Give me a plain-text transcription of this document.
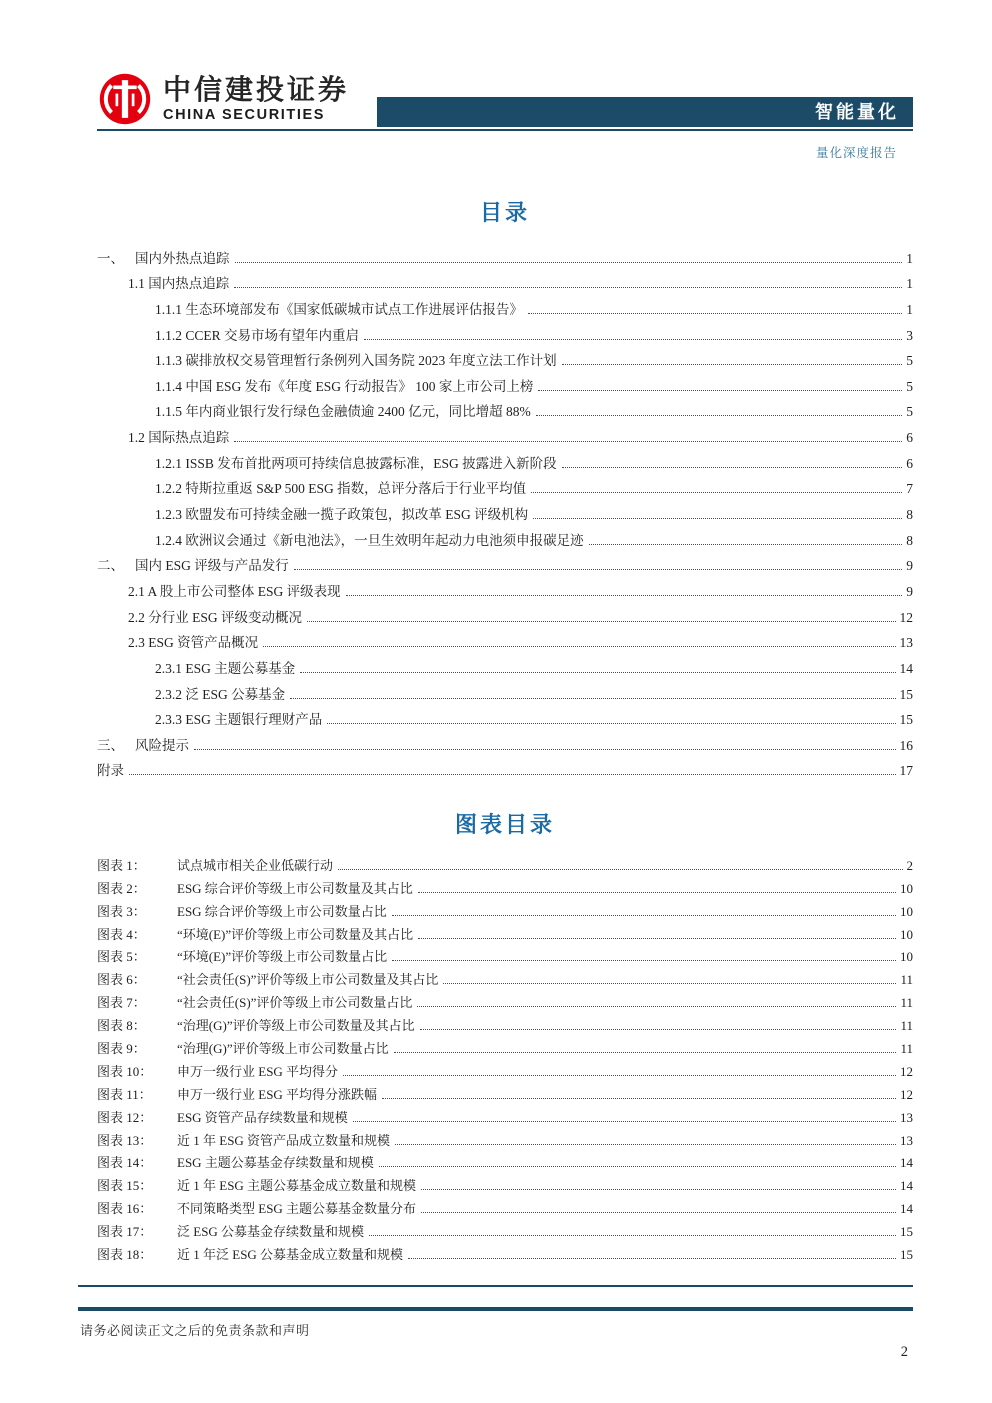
中信建投证券
CHINA SECURITIES	智能量化
量化深度报告
目录
一、 国内外热点追踪	1
1.1 国内热点追踪	1
1.1.1 生态环境部发布《国家低碳城市试点工作进展评估报告》	1
1.1.2 CCER 交易市场有望年内重启	3
1.1.3 碳排放权交易管理暂行条例列入国务院 2023 年度立法工作计划	5
1.1.4 中国 ESG 发布《年度 ESG 行动报告》 100 家上市公司上榜	5
1.1.5 年内商业银行发行绿色金融债逾 2400 亿元，同比增超 88%	5
1.2 国际热点追踪	6
1.2.1 ISSB 发布首批两项可持续信息披露标准，ESG 披露进入新阶段	6
1.2.2 特斯拉重返 S&P 500 ESG 指数，总评分落后于行业平均值	7
1.2.3 欧盟发布可持续金融一揽子政策包，拟改革 ESG 评级机构	8
1.2.4 欧洲议会通过《新电池法》，一旦生效明年起动力电池须申报碳足迹	8
二、 国内 ESG 评级与产品发行	9
2.1 A 股上市公司整体 ESG 评级表现	9
2.2 分行业 ESG 评级变动概况	12
2.3 ESG 资管产品概况	13
2.3.1 ESG 主题公募基金	14
2.3.2 泛 ESG 公募基金	15
2.3.3 ESG 主题银行理财产品	15
三、 风险提示	16
附录	17
图表目录
图表 1：	试点城市相关企业低碳行动	2
图表 2：	ESG 综合评价等级上市公司数量及其占比	10
图表 3：	ESG 综合评价等级上市公司数量占比	10
图表 4：	“环境(E)”评价等级上市公司数量及其占比	10
图表 5：	“环境(E)”评价等级上市公司数量占比	10
图表 6：	“社会责任(S)”评价等级上市公司数量及其占比	11
图表 7：	“社会责任(S)”评价等级上市公司数量占比	11
图表 8：	“治理(G)”评价等级上市公司数量及其占比	11
图表 9：	“治理(G)”评价等级上市公司数量占比	11
图表 10：	申万一级行业 ESG 平均得分	12
图表 11：	申万一级行业 ESG 平均得分涨跌幅	12
图表 12：	ESG 资管产品存续数量和规模	13
图表 13：	近 1 年 ESG 资管产品成立数量和规模	13
图表 14：	ESG 主题公募基金存续数量和规模	14
图表 15：	近 1 年 ESG 主题公募基金成立数量和规模	14
图表 16：	不同策略类型 ESG 主题公募基金数量分布	14
图表 17：	泛 ESG 公募基金存续数量和规模	15
图表 18：	近 1 年泛 ESG 公募基金成立数量和规模	15
请务必阅读正文之后的免责条款和声明
2
